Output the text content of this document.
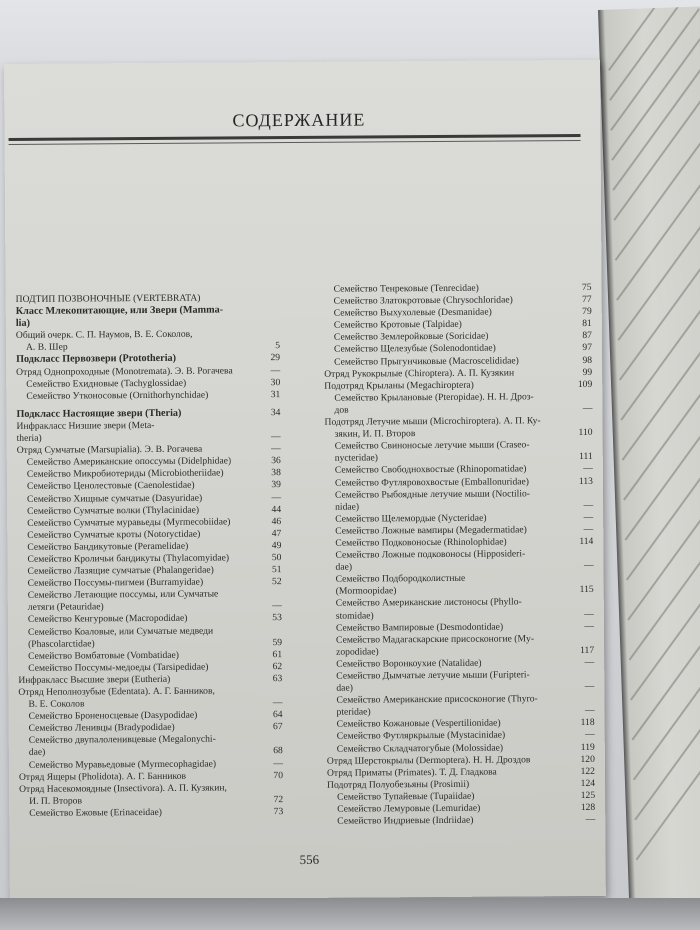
СОДЕРЖАНИЕ
ПОДТИП ПОЗВОНОЧНЫЕ (VERTEBRATA)
Класс Млекопитающие, или Звери (Mamma-
lia)
Общий очерк. С. П. Наумов, В. Е. Соколов,
А. В. Шер	5
Подкласс Первозвери (Prototheria)	29
Отряд Однопроходные (Monotremata). Э. В. Рогачева	—
Семейство Ехидновые (Tachyglossidae)	30
Семейство Утконосовые (Ornithorhynchidae)	31
Подкласс Настоящие звери (Theria)	34
Инфракласс Низшие звери (Meta-
theria)	—
Отряд Сумчатые (Marsupialia). Э. В. Рогачева	—
Семейство Американские опоссумы (Didelphidae)	36
Семейство Микробиотериды (Microbiotheriidae)	38
Семейство Ценолестовые (Caenolestidae)	39
Семейство Хищные сумчатые (Dasyuridae)	—
Семейство Сумчатые волки (Thylacinidae)	44
Семейство Сумчатые муравьеды (Myrmecobiidae)	46
Семейство Сумчатые кроты (Notoryctidae)	47
Семейство Бандикутовые (Peramelidae)	49
Семейство Кроличьи бандикуты (Thylacomyidae)	50
Семейство Лазящие сумчатые (Phalangeridae)	51
Семейство Поссумы-пигмеи (Burramyidae)	52
Семейство Летающие поссумы, или Сумчатые
летяги (Petauridae)	—
Семейство Кенгуровые (Macropodidae)	53
Семейство Коаловые, или Сумчатые медведи
(Phascolarctidae)	59
Семейство Вомбатовые (Vombatidae)	61
Семейство Поссумы-медоеды (Tarsipedidae)	62
Инфракласс Высшие звери (Eutheria)	63
Отряд Неполнозубые (Edentata). А. Г. Банников,
В. Е. Соколов	—
Семейство Броненосцевые (Dasypodidae)	64
Семейство Ленивцы (Bradypodidae)	67
Семейство двупалоленивцевые (Megalonychi-
dae)	68
Семейство Муравьедовые (Myrmecophagidae)	—
Отряд Ящеры (Pholidota). А. Г. Банников	70
Отряд Насекомоядные (Insectivora). А. П. Кузякин,
И. П. Второв	72
Семейство Ежовые (Erinaceidae)	73
Семейство Тенрековые (Tenrecidae)	75
Семейство Златокротовые (Chrysochloridae)	77
Семейство Выхухолевые (Desmanidae)	79
Семейство Кротовые (Talpidae)	81
Семейство Землеройковые (Soricidae)	87
Семейство Щелезубые (Solenodontidae)	97
Семейство Прыгунчиковые (Macroscelididae)	98
Отряд Рукокрылые (Chiroptera). А. П. Кузякин	99
Подотряд Крыланы (Megachiroptera)	109
Семейство Крылановые (Pteropidae). Н. Н. Дроз-
дов	—
Подотряд Летучие мыши (Microchiroptera). А. П. Ку-
зякин, И. П. Второв	110
Семейство Свиноносые летучие мыши (Craseo-
nycteridae)	111
Семейство Свободнохвостые (Rhinopomatidae)	—
Семейство Футляровохвостые (Emballonuridae)	113
Семейство Рыбоядные летучие мыши (Noctilio-
nidae)	—
Семейство Щелемордые (Nycteridae)	—
Семейство Ложные вампиры (Megadermatidae)	—
Семейство Подковоносые (Rhinolophidae)	114
Семейство Ложные подковоносы (Hipposideri-
dae)	—
Семейство Подбородколистные
(Mormoopidae)	115
Семейство Американские листоносы (Phyllo-
stomidae)	—
Семейство Вампировые (Desmodontidae)	—
Семейство Мадагаскарские присосконогие (My-
zopodidae)	117
Семейство Воронкоухие (Natalidae)	—
Семейство Дымчатые летучие мыши (Furipteri-
dae)	—
Семейство Американские присосконогие (Thyro-
pteridae)	—
Семейство Кожановые (Vespertilionidae)	118
Семейство Футляркрылые (Mystacinidae)	—
Семейство Складчатогубые (Molossidae)	119
Отряд Шерстокрылы (Dermoptera). Н. Н. Дроздов	120
Отряд Приматы (Primates). Т. Д. Гладкова	122
Подотряд Полуобезьяны (Prosimii)	124
Семейство Тупайевые (Tupaiidae)	125
Семейство Лемуровые (Lemuridae)	128
Семейство Индриевые (Indriidae)	—
556
